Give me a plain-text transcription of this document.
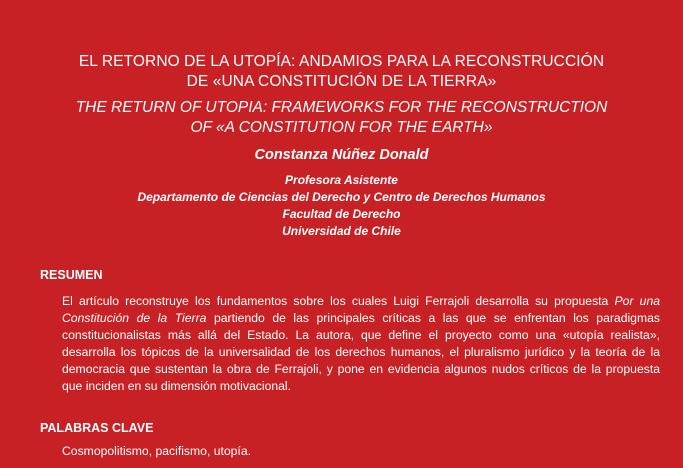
EL RETORNO DE LA UTOPÍA: ANDAMIOS PARA LA RECONSTRUCCIÓN
DE «UNA CONSTITUCIÓN DE LA TIERRA»
THE RETURN OF UTOPIA: FRAMEWORKS FOR THE RECONSTRUCTION
OF «A CONSTITUTION FOR THE EARTH»
Constanza Núñez Donald
Profesora Asistente
Departamento de Ciencias del Derecho y Centro de Derechos Humanos
Facultad de Derecho
Universidad de Chile
RESUMEN
El artículo reconstruye los fundamentos sobre los cuales Luigi Ferrajoli desarrolla su propuesta Por una Constitución de la Tierra partiendo de las principales críticas a las que se enfrentan los paradigmas constitucionalistas más allá del Estado. La autora, que define el proyecto como una «utopía realista», desarrolla los tópicos de la universalidad de los derechos humanos, el pluralismo jurídico y la teoría de la democracia que sustentan la obra de Ferrajoli, y pone en evidencia algunos nudos críticos de la propuesta que inciden en su dimensión motivacional.
PALABRAS CLAVE
Cosmopolitismo, pacifismo, utopía.
